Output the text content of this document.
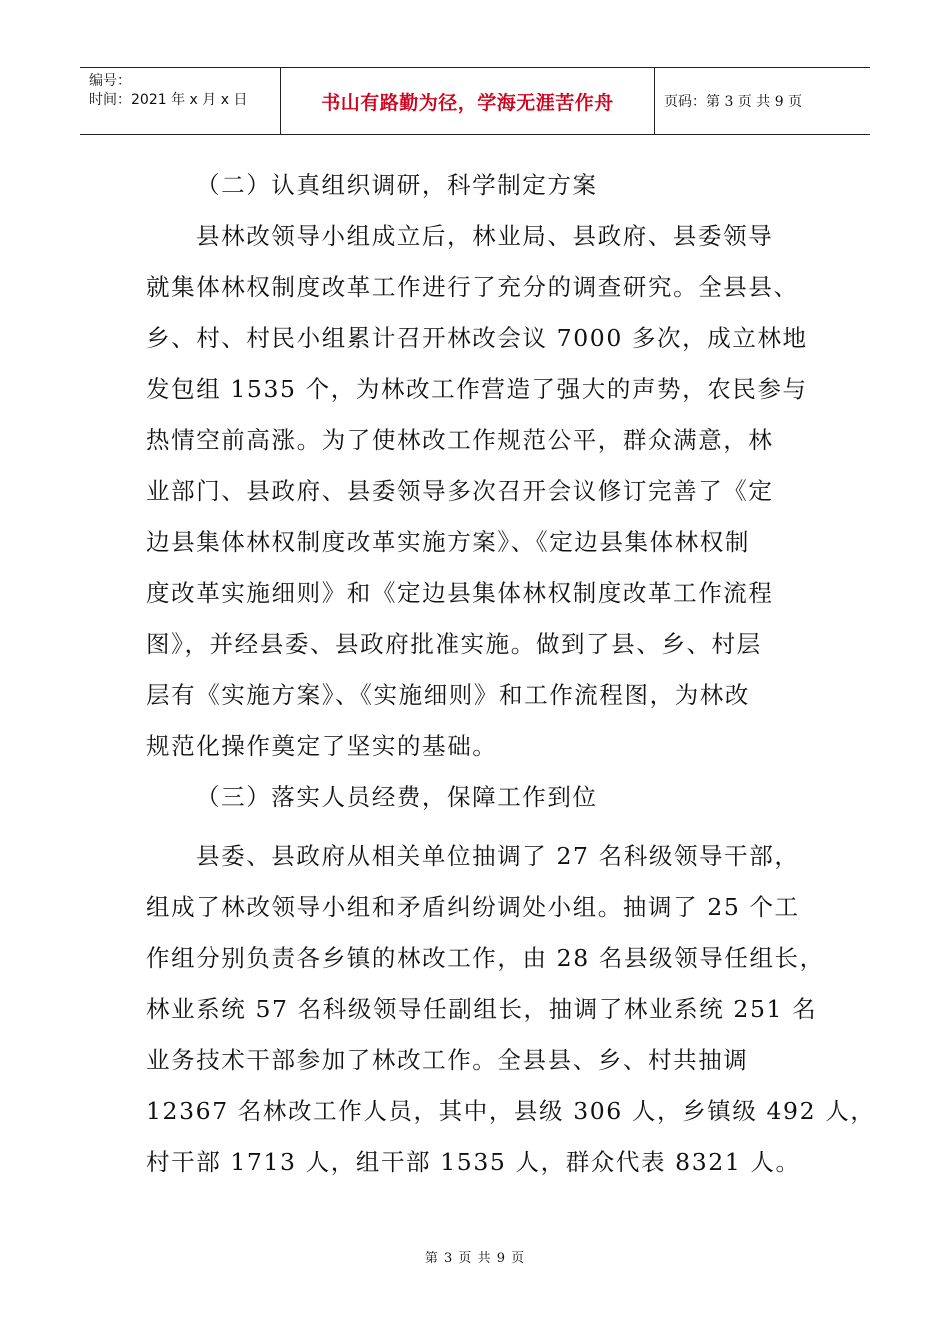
编号：
时间：2021 年 x 月 x 日	书山有路勤为径，学海无涯苦作舟	页码：第 3 页 共 9 页
（二）认真组织调研，科学制定方案
县林改领导小组成立后，林业局、县政府、县委领导
就集体林权制度改革工作进行了充分的调查研究。全县县、
乡、村、村民小组累计召开林改会议 7000 多次，成立林地
发包组 1535 个，为林改工作营造了强大的声势，农民参与
热情空前高涨。为了使林改工作规范公平，群众满意，林
业部门、县政府、县委领导多次召开会议修订完善了《定
边县集体林权制度改革实施方案》、《定边县集体林权制
度改革实施细则》和《定边县集体林权制度改革工作流程
图》，并经县委、县政府批准实施。做到了县、乡、村层
层有《实施方案》、《实施细则》和工作流程图，为林改
规范化操作奠定了坚实的基础。
（三）落实人员经费，保障工作到位
县委、县政府从相关单位抽调了 27 名科级领导干部，
组成了林改领导小组和矛盾纠纷调处小组。抽调了 25 个工
作组分别负责各乡镇的林改工作，由 28 名县级领导任组长，
林业系统 57 名科级领导任副组长，抽调了林业系统 251 名
业务技术干部参加了林改工作。全县县、乡、村共抽调
12367 名林改工作人员，其中，县级 306 人，乡镇级 492 人，
村干部 1713 人，组干部 1535 人，群众代表 8321 人。
第 3 页 共 9 页
